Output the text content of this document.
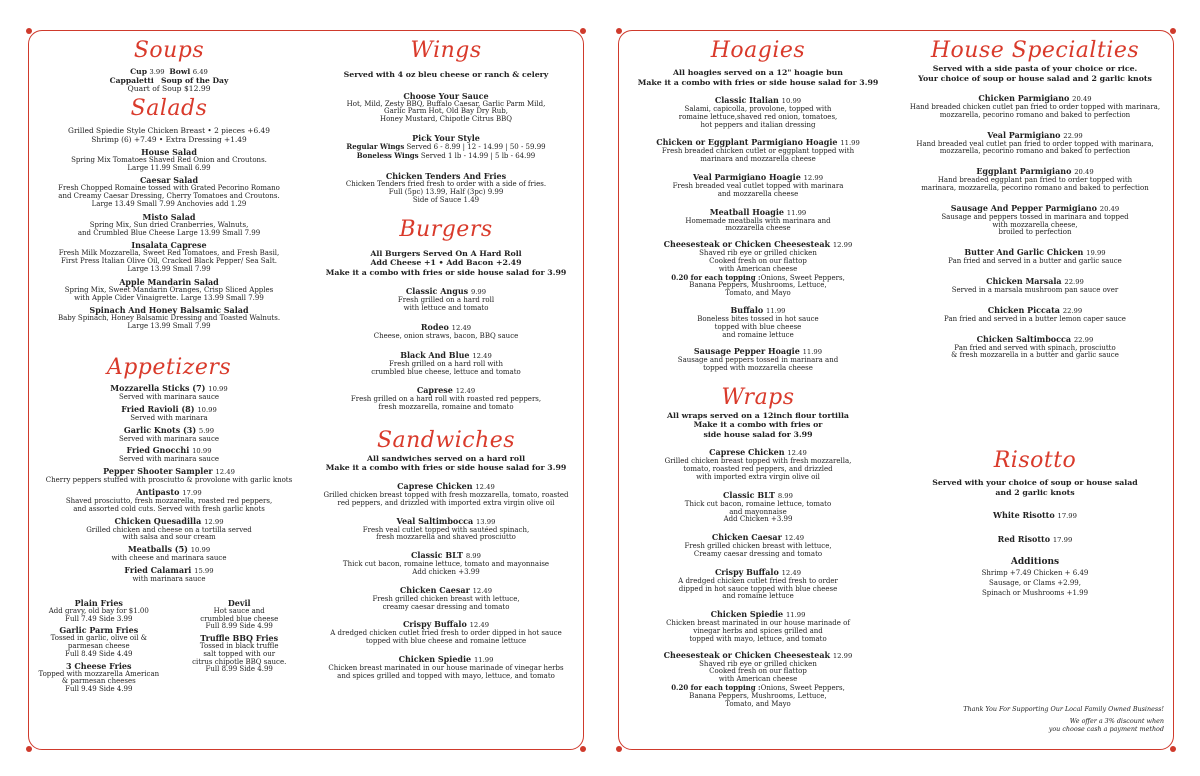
Soups
Cup 3.99 Bowl 6.49
Cappaletti Soup of the Day
Quart of Soup $12.99
Salads
Grilled Spiedie Style Chicken Breast • 2 pieces +6.49
Shrimp (6) +7.49 • Extra Dressing +1.49
House Salad
Spring Mix Tomatoes Shaved Red Onion and Croutons.
Large 11.99 Small 6.99
Caesar Salad
Fresh Chopped Romaine tossed with Grated Pecorino Romano
and Creamy Caesar Dressing, Cherry Tomatoes and Croutons.
Large 13.49 Small 7.99 Anchovies add 1.29
Misto Salad
Spring Mix, Sun dried Cranberries, Walnuts,
and Crumbled Blue Cheese Large 13.99 Small 7.99
Insalata Caprese
Fresh Milk Mozzarella, Sweet Red Tomatoes, and Fresh Basil,
First Press Italian Olive Oil, Cracked Black Pepper/ Sea Salt.
Large 13.99 Small 7.99
Apple Mandarin Salad
Spring Mix, Sweet Mandarin Oranges, Crisp Sliced Apples
with Apple Cider Vinaigrette. Large 13.99 Small 7.99
Spinach And Honey Balsamic Salad
Baby Spinach, Honey Balsamic Dressing and Toasted Walnuts.
Large 13.99 Small 7.99
Appetizers
Mozzarella Sticks (7) 10.99
Served with marinara sauce
Fried Ravioli (8) 10.99
Served with marinara
Garlic Knots (3) 5.99
Served with marinara sauce
Fried Gnocchi 10.99
Served with marinara sauce
Pepper Shooter Sampler 12.49
Cherry peppers stuffed with prosciutto & provolone with garlic knots
Antipasto 17.99
Shaved prosciutto, fresh mozzarella, roasted red peppers,
and assorted cold cuts. Served with fresh garlic knots
Chicken Quesadilla 12.99
Grilled chicken and cheese on a tortilla served
with salsa and sour cream
Meatballs (5) 10.99
with cheese and marinara sauce
Fried Calamari 15.99
with marinara sauce
Plain Fries
Add gravy, old bay for $1.00
Full 7.49 Side 3.99
Garlic Parm Fries
Tossed in garlic, olive oil &
parmesan cheese
Full 8.49 Side 4.49
3 Cheese Fries
Topped with mozzarella American
& parmesan cheeses
Full 9.49 Side 4.99
Devil
Hot sauce and
crumbled blue cheese
Full 8.99 Side 4.99
Truffle BBQ Fries
Tossed in black truffle
salt topped with our
citrus chipotle BBQ sauce.
Full 8.99 Side 4.99
Wings
Served with 4 oz bleu cheese or ranch & celery
Choose Your Sauce
Hot, Mild, Zesty BBQ, Buffalo Caesar, Garlic Parm Mild,
Garlic Parm Hot, Old Bay Dry Rub,
Honey Mustard, Chipotle Citrus BBQ
Pick Your Style
Regular Wings Served 6 - 8.99 | 12 - 14.99 | 50 - 59.99
Boneless Wings Served 1 lb - 14.99 | 5 lb - 64.99
Chicken Tenders And Fries
Chicken Tenders fried fresh to order with a side of fries.
Full (5pc) 13.99, Half (3pc) 9.99
Side of Sauce 1.49
Burgers
All Burgers Served On A Hard Roll
Add Cheese +1 • Add Bacon +2.49
Make it a combo with fries or side house salad for 3.99
Classic Angus 9.99
Fresh grilled on a hard roll
with lettuce and tomato
Rodeo 12.49
Cheese, onion straws, bacon, BBQ sauce
Black And Blue 12.49
Fresh grilled on a hard roll with
crumbled blue cheese, lettuce and tomato
Caprese 12.49
Fresh grilled on a hard roll with roasted red peppers,
fresh mozzarella, romaine and tomato
Sandwiches
All sandwiches served on a hard roll
Make it a combo with fries or side house salad for 3.99
Caprese Chicken 12.49
Grilled chicken breast topped with fresh mozzarella, tomato, roasted
red peppers, and drizzled with imported extra virgin olive oil
Veal Saltimbocca 13.99
Fresh veal cutlet topped with sautéed spinach,
fresh mozzarella and shaved prosciutto
Classic BLT 8.99
Thick cut bacon, romaine lettuce, tomato and mayonnaise
Add chicken +3.99
Chicken Caesar 12.49
Fresh grilled chicken breast with lettuce,
creamy caesar dressing and tomato
Crispy Buffalo 12.49
A dredged chicken cutlet fried fresh to order dipped in hot sauce
topped with blue cheese and romaine lettuce
Chicken Spiedie 11.99
Chicken breast marinated in our house marinade of vinegar herbs
and spices grilled and topped with mayo, lettuce, and tomato
Hoagies
All hoagies served on a 12" hoagie bun
Make it a combo with fries or side house salad for 3.99
Classic Italian 10.99
Salami, capicolla, provolone, topped with
romaine lettuce,shaved red onion, tomatoes,
hot peppers and italian dressing
Chicken or Eggplant Parmigiano Hoagie 11.99
Fresh breaded chicken cutlet or eggplant topped with
marinara and mozzarella cheese
Veal Parmigiano Hoagie 12.99
Fresh breaded veal cutlet topped with marinara
and mozzarella cheese
Meatball Hoagie 11.99
Homemade meatballs with marinara and
mozzarella cheese
Cheesesteak or Chicken Cheesesteak 12.99
Shaved rib eye or grilled chicken
Cooked fresh on our flattop
with American cheese
0.20 for each topping :Onions, Sweet Peppers,
Banana Peppers, Mushrooms, Lettuce,
Tomato, and Mayo
Buffalo 11.99
Boneless bites tossed in hot sauce
topped with blue cheese
and romaine lettuce
Sausage Pepper Hoagie 11.99
Sausage and peppers tossed in marinara and
topped with mozzarella cheese
Wraps
All wraps served on a 12inch flour tortilla
Make it a combo with fries or
side house salad for 3.99
Caprese Chicken 12.49
Grilled chicken breast topped with fresh mozzarella,
tomato, roasted red peppers, and drizzled
with imported extra virgin olive oil
Classic BLT 8.99
Thick cut bacon, romaine lettuce, tomato
and mayonnaise
Add Chicken +3.99
Chicken Caesar 12.49
Fresh grilled chicken breast with lettuce,
Creamy caesar dressing and tomato
Crispy Buffalo 12.49
A dredged chicken cutlet fried fresh to order
dipped in hot sauce topped with blue cheese
and romaine lettuce
Chicken Spiedie 11.99
Chicken breast marinated in our house marinade of
vinegar herbs and spices grilled and
topped with mayo, lettuce, and tomato
Cheesesteak or Chicken Cheesesteak 12.99
Shaved rib eye or grilled chicken
Cooked fresh on our flattop
with American cheese
0.20 for each topping :Onions, Sweet Peppers,
Banana Peppers, Mushrooms, Lettuce,
Tomato, and Mayo
House Specialties
Served with a side pasta of your choice or rice.
Your choice of soup or house salad and 2 garlic knots
Chicken Parmigiano 20.49
Hand breaded chicken cutlet pan fried to order topped with marinara,
mozzarella, pecorino romano and baked to perfection
Veal Parmigiano 22.99
Hand breaded veal cutlet pan fried to order topped with marinara,
mozzarella, pecorino romano and baked to perfection
Eggplant Parmigiano 20.49
Hand breaded eggplant pan fried to order topped with
marinara, mozzarella, pecorino romano and baked to perfection
Sausage And Pepper Parmigiano 20.49
Sausage and peppers tossed in marinara and topped
with mozzarella cheese,
broiled to perfection
Butter And Garlic Chicken 19.99
Pan fried and served in a butter and garlic sauce
Chicken Marsala 22.99
Served in a marsala mushroom pan sauce over
Chicken Piccata 22.99
Pan fried and served in a butter lemon caper sauce
Chicken Saltimbocca 22.99
Pan fried and served with spinach, prosciutto
& fresh mozzarella in a butter and garlic sauce
Risotto
Served with your choice of soup or house salad
and 2 garlic knots
White Risotto 17.99
Red Risotto 17.99
Additions
Shrimp +7.49 Chicken + 6.49
Sausage, or Clams +2.99,
Spinach or Mushrooms +1.99
Thank You For Supporting Our Local Family Owned Business!
We offer a 3% discount when
you choose cash a payment method
